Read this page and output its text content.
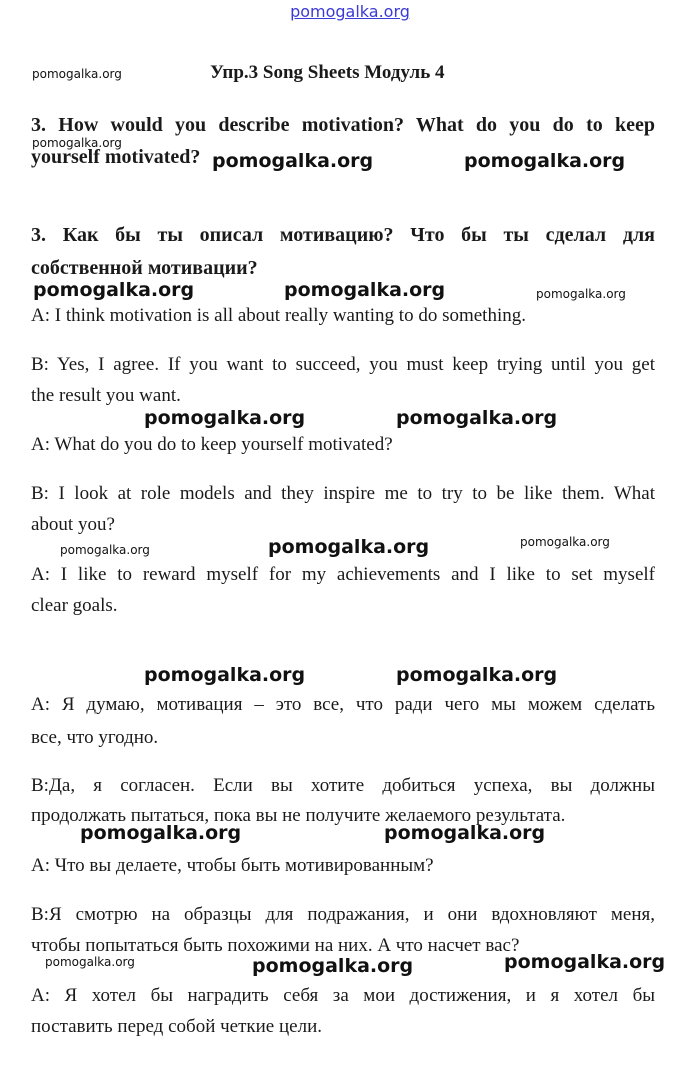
pomogalka.org
pomogalka.org
pomogalka.org
pomogalka.org
pomogalka.org
pomogalka.org
pomogalka.org
Упр.3 Song Sheets Модуль 4
3. How would you describe motivation? What do you do to keep
yourself motivated? pomogalka.org	pomogalka.org
3. Как бы ты описал мотивацию? Что бы ты сделал для
собственной мотивации?
pomogalka.org	pomogalka.org
A: I think motivation is all about really wanting to do something.
B: Yes, I agree. If you want to succeed, you must keep trying until you get
the result you want.
pomogalka.org	pomogalka.org
A: What do you do to keep yourself motivated?
B: I look at role models and they inspire me to try to be like them. What
about you?
pomogalka.org
A: I like to reward myself for my achievements and I like to set myself
clear goals.
pomogalka.org	pomogalka.org
A: Я думаю, мотивация – это все, что ради чего мы можем сделать
все, что угодно.
B:Да, я согласен. Если вы хотите добиться успеха, вы должны
продолжать пытаться, пока вы не получите желаемого результата.
pomogalka.org	pomogalka.org
A: Что вы делаете, чтобы быть мотивированным?
B:Я смотрю на образцы для подражания, и они вдохновляют меня,
чтобы попытаться быть похожими на них. А что насчет вас?
pomogalka.org	pomogalka.org
A: Я хотел бы наградить себя за мои достижения, и я хотел бы
поставить перед собой четкие цели.
